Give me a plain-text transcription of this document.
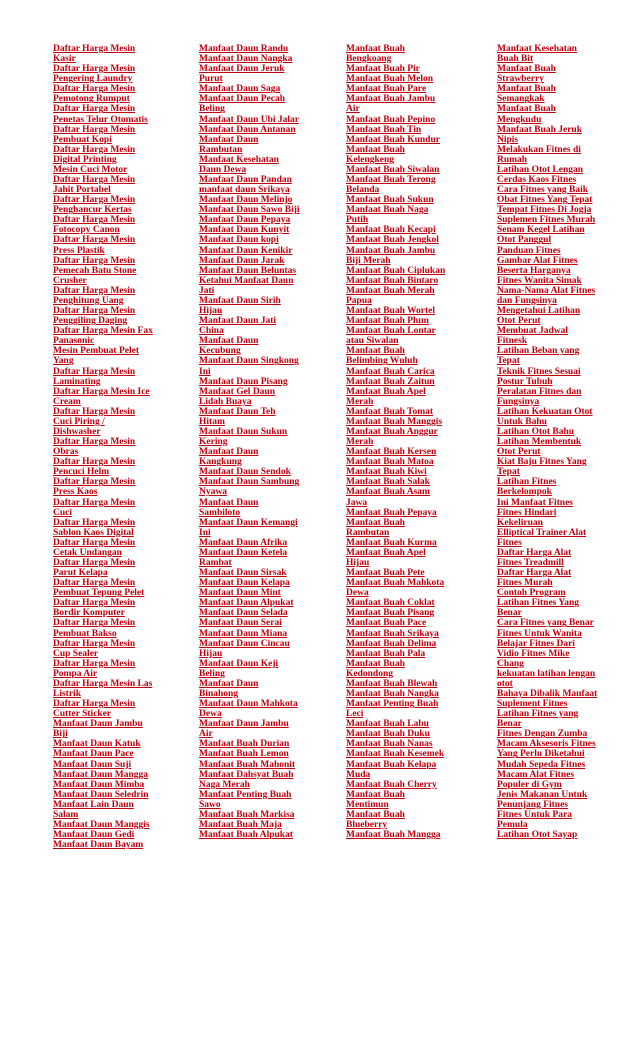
Daftar Harga Mesin
Kasir
Daftar Harga Mesin
Pengering Laundry
Daftar Harga Mesin
Pemotong Rumput
Daftar Harga Mesin
Penetas Telur Otomatis
Daftar Harga Mesin
Pembuat Kopi
Daftar Harga Mesin
Digital Printing
Mesin Cuci Motor
Daftar Harga Mesin
Jahit Portabel
Daftar Harga Mesin
Penghancur Kertas
Daftar Harga Mesin
Fotocopy Canon
Daftar Harga Mesin
Press Plastik
Daftar Harga Mesin
Pemecah Batu Stone
Crusher
Daftar Harga Mesin
Penghitung Uang
Daftar Harga Mesin
Penggiling Daging
Daftar Harga Mesin Fax
Panasonic
Mesin Pembuat Pelet
Yang
Daftar Harga Mesin
Laminating
Daftar Harga Mesin Ice
Cream
Daftar Harga Mesin
Cuci Piring /
Dishwasher
Daftar Harga Mesin
Obras
Daftar Harga Mesin
Pencuci Helm
Daftar Harga Mesin
Press Kaos
Daftar Harga Mesin
Cuci
Daftar Harga Mesin
Sablon Kaos Digital
Daftar Harga Mesin
Cetak Undangan
Daftar Harga Mesin
Parut Kelapa
Daftar Harga Mesin
Pembuat Tepung Pelet
Daftar Harga Mesin
Bordir Komputer
Daftar Harga Mesin
Pembuat Bakso
Daftar Harga Mesin
Cup Sealer
Daftar Harga Mesin
Pompa Air
Daftar Harga Mesin Las
Listrik
Daftar Harga Mesin
Cutter Sticker
Manfaat Daun Jambu
Biji
Manfaat Daun Katuk
Manfaat Daun Pace
Manfaat Daun Suji
Manfaat Daun Mangga
Manfaat Daun Mimba
Manfaat Daun Seledrin
Manfaat Lain Daun
Salam
Manfaat Daun Manggis
Manfaat Daun Gedi
Manfaat Daun Bayam
Manfaat Daun Randu
Manfaat Daun Nangka
Manfaat Daun Jeruk
Purut
Manfaat Daun Saga
Manfaat Daun Pecah
Beling
Manfaat Daun Ubi Jalar
Manfaat Daun Antanan
Manfaat Daun
Rambutan
Manfaat Kesehatan
Daun Dewa
Manfaat Daun Pandan
manfaat daun Srikaya
Manfaat Daun Melinjo
Manfaat Daun Sawo Biji
Manfaat Daun Pepaya
Manfaat Daun Kunyit
Manfaat Daun kopi
Manfaat Daun Kenikir
Manfaat Daun Jarak
Manfaat Daun Beluntas
Ketahui Manfaat Daun
Jati
Manfaat Daun Sirih
Hijau
Manfaat Daun Jati
China
Manfaat Daun
Kecubung
Manfaat Daun Singkong
Ini
Manfaat Daun Pisang
Manfaat Gel Daun
Lidah Buaya
Manfaat Daun Teh
Hitam
Manfaat Daun Sukun
Kering
Manfaat Daun
Kangkung
Manfaat Daun Sendok
Manfaat Daun Sambung
Nyawa
Manfaat Daun
Sambiloto
Manfaat Daun Kemangi
Ini
Manfaat Daun Afrika
Manfaat Daun Ketela
Rambat
Manfaat Daun Sirsak
Manfaat Daun Kelapa
Manfaat Daun Mint
Manfaat Daun Alpukat
Manfaat Daun Selada
Manfaat Daun Serai
Manfaat Daun Miana
Manfaat Daun Cincau
Hijau
Manfaat Daun Keji
Beling
Manfaat Daun
Binahong
Manfaat Daun Mahkota
Dewa
Manfaat Daun Jambu
Air
Manfaat Buah Durian
Manfaat Buah Lemon
Manfaat Buah Mahonit
Manfaat Dahsyat Buah
Naga Merah
Manfaat Penting Buah
Sawo
Manfaat Buah Markisa
Manfaat Buah Maja
Manfaat Buah Alpukat
Manfaat Buah
Bengkoang
Manfaat Buah Pir
Manfaat Buah Melon
Manfaat Buah Pare
Manfaat Buah Jambu
Air
Manfaat Buah Pepino
Manfaat Buah Tin
Manfaat Buah Kundur
Manfaat Buah
Kelengkeng
Manfaat Buah Siwalan
Manfaat Buah Terong
Belanda
Manfaat Buah Sukun
Manfaat Buah Naga
Putih
Manfaat Buah Kecapi
Manfaat Buah Jengkol
Manfaat Buah Jambu
Biji Merah
Manfaat Buah Ciplukan
Manfaat Buah Bintaro
Manfaat Buah Merah
Papua
Manfaat Buah Wortel
Manfaat Buah Plum
Manfaat Buah Lontar
atau Siwalan
Manfaat Buah
Belimbing Wuluh
Manfaat Buah Carica
Manfaat Buah Zaitun
Manfaat Buah Apel
Merah
Manfaat Buah Tomat
Manfaat Buah Manggis
Manfaat Buah Anggur
Merah
Manfaat Buah Kersen
Manfaat Buah Matoa
Manfaat Buah Kiwi
Manfaat Buah Salak
Manfaat Buah Asam
Jawa
Manfaat Buah Pepaya
Manfaat Buah
Rambutan
Manfaat Buah Kurma
Manfaat Buah Apel
Hijau
Manfaat Buah Pete
Manfaat Buah Mahkota
Dewa
Manfaat Buah Coklat
Manfaat Buah Pisang
Manfaat Buah Pace
Manfaat Buah Srikaya
Manfaat Buah Delima
Manfaat Buah Pala
Manfaat Buah
Kedondong
Manfaat Buah Blewah
Manfaat Buah Nangka
Manfaat Penting Buah
Leci
Manfaat Buah Labu
Manfaat Buah Duku
Manfaat Buah Nanas
Manfaat Buah Kesemek
Manfaat Buah Kelapa
Muda
Manfaat Buah Cherry
Manfaat Buah
Mentimun
Manfaat Buah
Blueberry
Manfaat Buah Mangga
Manfaat Kesehatan
Buah Bit
Manfaat Buah
Strawberry
Manfaat Buah
Semangkak
Manfaat Buah
Mengkudu
Manfaat Buah Jeruk
Nipis
Melakukan Fitnes di
Rumah
Latihan Otot Lengan
Cerdas Kaos Fitnes
Cara Fitnes yang Baik
Obat Fitnes Yang Tepat
Tempat Fitnes Di Jogja
Suplemen Fitnes Murah
Senam Kegel Latihan
Otot Panggul
Panduan Fitnes
Gambar Alat Fitnes
Beserta Harganya
Fitnes Wanita Simak
Nama-Nama Alat Fitnes
dan Fungsinya
Mengetahui Latihan
Otot Perut
Membuat Jadwal
Fitnesk
Latihan Beban yang
Tepat
Teknik Fitnes Sesuai
Postur Tubuh
Peralatan Fitnes dan
Fungsinya
Latihan Kekuatan Otot
Untuk Bahu
Latihan Otot Bahu
Latihan Membentuk
Otot Perut
Kiat Baju Fitnes Yang
Tepat
Latihan Fitnes
Berkelompok
Ini Manfaat Fitnes
Fitnes Hindari
Kekeliruan
Elliptical Trainer Alat
Fitnes
Daftar Harga Alat
Fitnes Treadmill
Daftar Harga Alat
Fitnes Murah
Contoh Program
Latihan Fitnes Yang
Benar
Cara Fitnes yang Benar
Fitnes Untuk Wanita
Belajar Fitnes Dari
Vidio Fitnes Mike
Chang
kekuatan latihan lengan
otot
Bahaya Dibalik Manfaat
Suplement Fitnes
Latihan Fitnes yang
Benar
Fitnes Dengan Zumba
Macam Aksesoris Fitnes
Yang Perlu Diketahui
Mudah Sepeda Fitnes
Macam Alat Fitnes
Populer di Gym
Jenis Makanan Untuk
Penunjang Fitnes
Fitnes Untuk Para
Pemula
Latihan Otot Sayap
